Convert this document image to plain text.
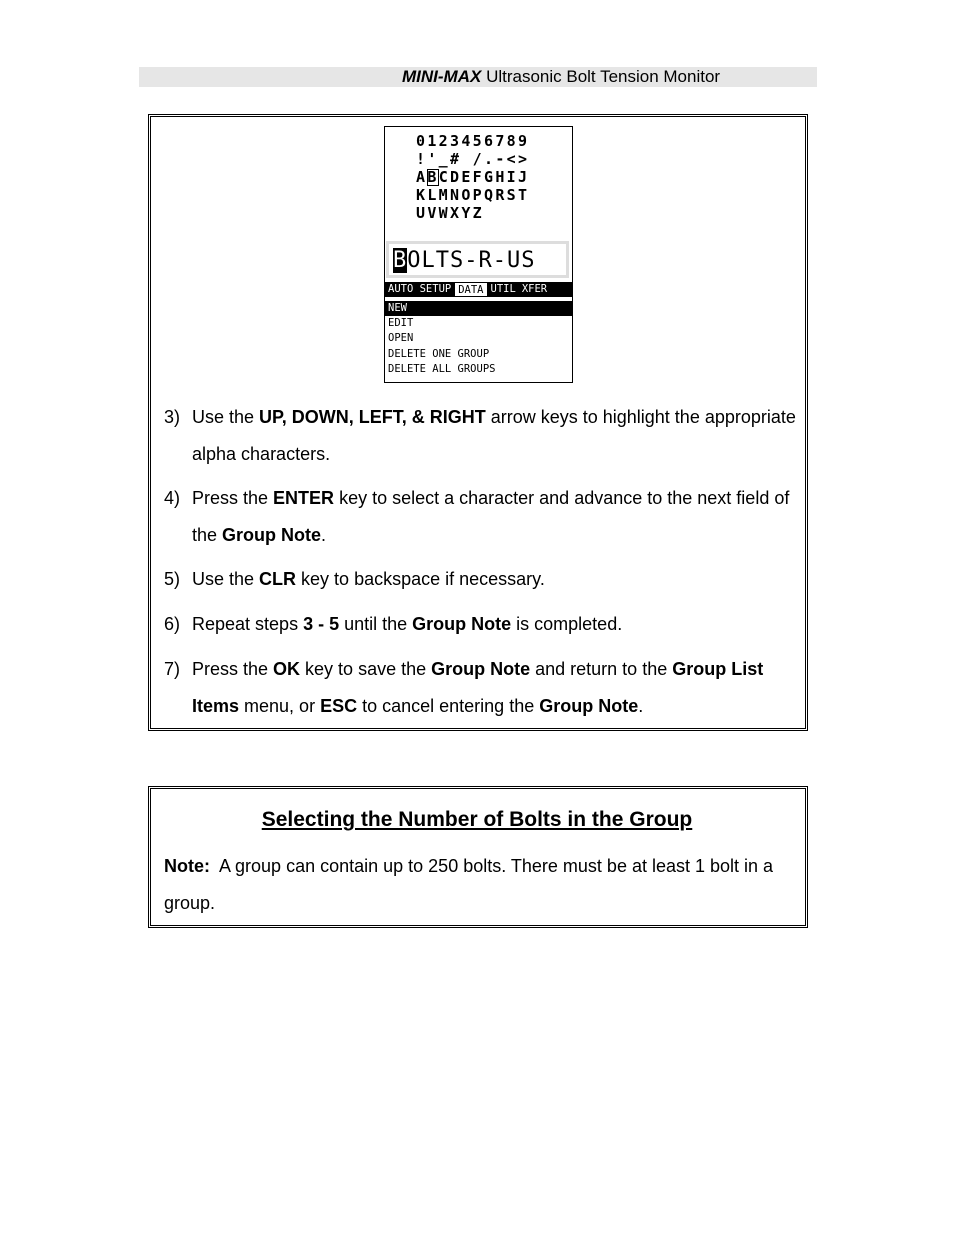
MINI-MAX Ultrasonic Bolt Tension Monitor
0123456789
!'_# /.-<>
ABCDEFGHIJ
KLMNOPQRST
UVWXYZ
BOLTS-R-US
AUTO SETUP DATA UTIL XFER
NEW
EDIT
OPEN
DELETE ONE GROUP
DELETE ALL GROUPS
3) Use the UP, DOWN, LEFT, & RIGHT arrow keys to highlight the appropriate alpha characters.
4) Press the ENTER key to select a character and advance to the next field of the Group Note.
5) Use the CLR key to backspace if necessary.
6) Repeat steps 3 - 5 until the Group Note is completed.
7) Press the OK key to save the Group Note and return to the Group List Items menu, or ESC to cancel entering the Group Note.
Selecting the Number of Bolts in the Group
Note: A group can contain up to 250 bolts. There must be at least 1 bolt in a group.
